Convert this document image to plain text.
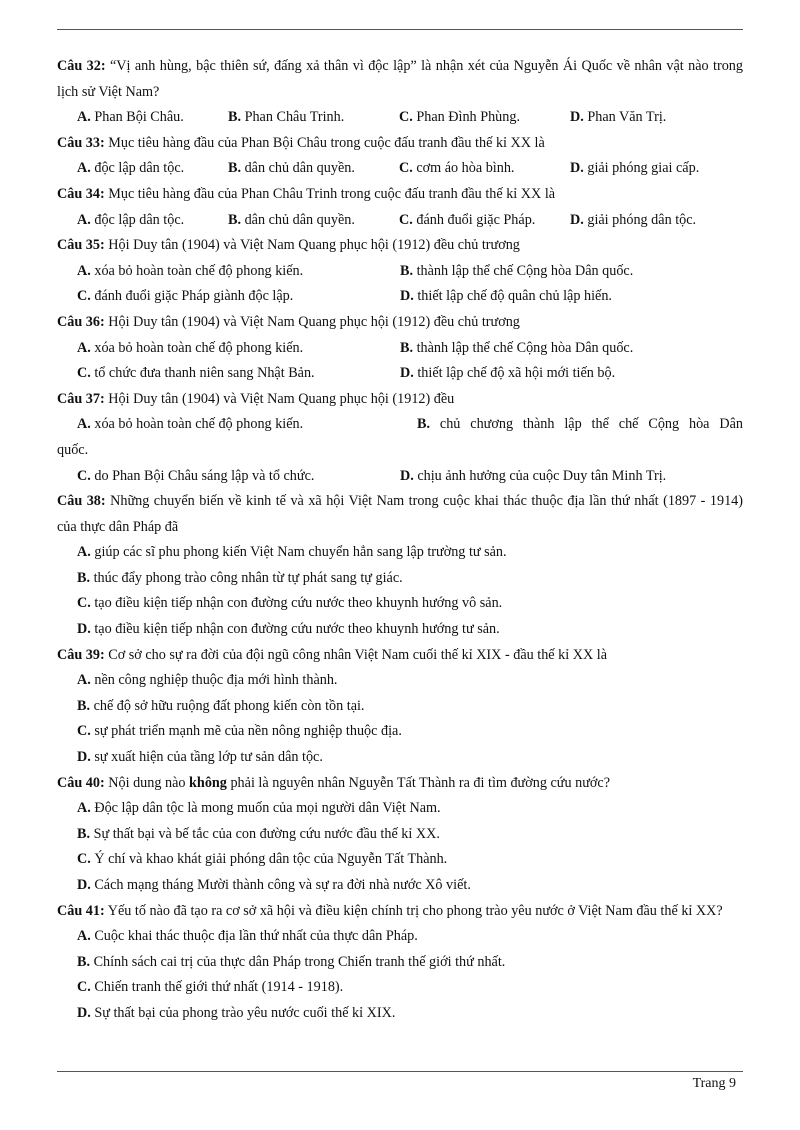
Câu 32: “Vị anh hùng, bậc thiên sứ, đấng xả thân vì độc lập” là nhận xét của Nguyễn Ái Quốc về nhân vật nào trong lịch sử Việt Nam?
A. Phan Bội Châu.	B. Phan Châu Trinh.	C. Phan Đình Phùng.	D. Phan Văn Trị.
Câu 33: Mục tiêu hàng đầu của Phan Bội Châu trong cuộc đấu tranh đầu thế kỉ XX là
A. độc lập dân tộc.	B. dân chủ dân quyền.	C. cơm áo hòa bình.	D. giải phóng giai cấp.
Câu 34: Mục tiêu hàng đầu của Phan Châu Trinh trong cuộc đấu tranh đầu thế kỉ XX là
A. độc lập dân tộc.	B. dân chủ dân quyền.	C. đánh đuổi giặc Pháp.	D. giải phóng dân tộc.
Câu 35: Hội Duy tân (1904) và Việt Nam Quang phục hội (1912) đều chủ trương
A. xóa bỏ hoàn toàn chế độ phong kiến.	B. thành lập thể chế Cộng hòa Dân quốc.
C. đánh đuổi giặc Pháp giành độc lập.	D. thiết lập chế độ quân chủ lập hiến.
Câu 36: Hội Duy tân (1904) và Việt Nam Quang phục hội (1912) đều chủ trương
A. xóa bỏ hoàn toàn chế độ phong kiến.	B. thành lập thể chế Cộng hòa Dân quốc.
C. tổ chức đưa thanh niên sang Nhật Bản.	D. thiết lập chế độ xã hội mới tiến bộ.
Câu 37: Hội Duy tân (1904) và Việt Nam Quang phục hội (1912) đều
A. xóa bỏ hoàn toàn chế độ phong kiến.	B. chủ chương thành lập thể chế Cộng hòa Dân
quốc.
C. do Phan Bội Châu sáng lập và tổ chức.	D. chịu ảnh hưởng của cuộc Duy tân Minh Trị.
Câu 38: Những chuyển biến về kinh tế và xã hội Việt Nam trong cuộc khai thác thuộc địa lần thứ nhất (1897 - 1914) của thực dân Pháp đã
A. giúp các sĩ phu phong kiến Việt Nam chuyển hẳn sang lập trường tư sản.
B. thúc đẩy phong trào công nhân từ tự phát sang tự giác.
C. tạo điều kiện tiếp nhận con đường cứu nước theo khuynh hướng vô sản.
D. tạo điều kiện tiếp nhận con đường cứu nước theo khuynh hướng tư sản.
Câu 39: Cơ sở cho sự ra đời của đội ngũ công nhân Việt Nam cuối thế kỉ XIX - đầu thế kỉ XX là
A. nền công nghiệp thuộc địa mới hình thành.
B. chế độ sở hữu ruộng đất phong kiến còn tồn tại.
C. sự phát triển mạnh mẽ của nền nông nghiệp thuộc địa.
D. sự xuất hiện của tầng lớp tư sản dân tộc.
Câu 40: Nội dung nào không phải là nguyên nhân Nguyễn Tất Thành ra đi tìm đường cứu nước?
A. Độc lập dân tộc là mong muốn của mọi người dân Việt Nam.
B. Sự thất bại và bế tắc của con đường cứu nước đầu thế kỉ XX.
C. Ý chí và khao khát giải phóng dân tộc của Nguyễn Tất Thành.
D. Cách mạng tháng Mười thành công và sự ra đời nhà nước Xô viết.
Câu 41: Yếu tố nào đã tạo ra cơ sở xã hội và điều kiện chính trị cho phong trào yêu nước ở Việt Nam đầu thế kỉ XX?
A. Cuộc khai thác thuộc địa lần thứ nhất của thực dân Pháp.
B. Chính sách cai trị của thực dân Pháp trong Chiến tranh thế giới thứ nhất.
C. Chiến tranh thế giới thứ nhất (1914 - 1918).
D. Sự thất bại của phong trào yêu nước cuối thế kỉ XIX.
Trang 9
